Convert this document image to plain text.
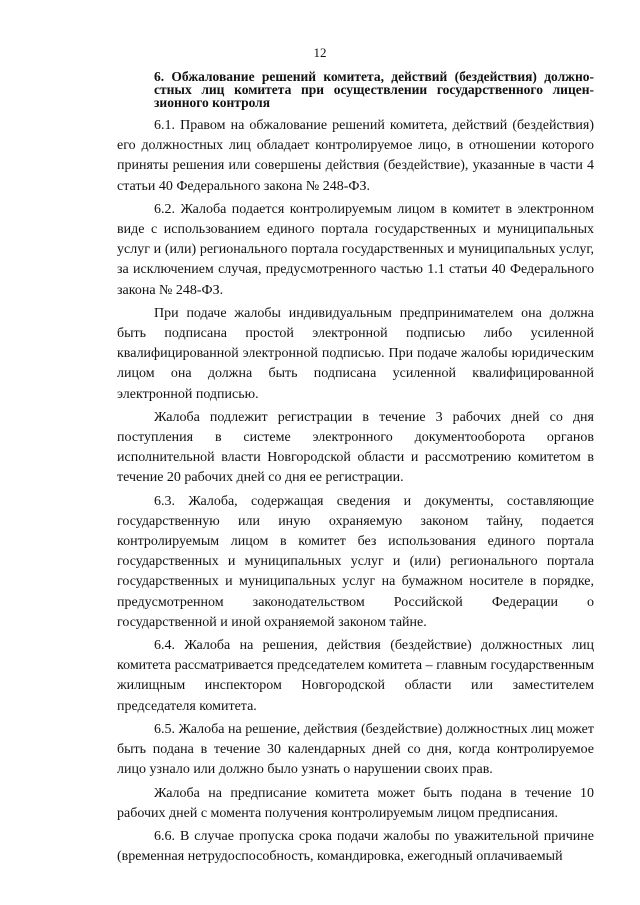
12
6. Обжалование решений комитета, действий (бездействия) должностных лиц комитета при осуществлении государственного лицензионного контроля

6.1. Правом на обжалование решений комитета, действий (бездействия) его должностных лиц обладает контролируемое лицо, в отношении которого приняты решения или совершены действия (бездействие), указанные в части 4 статьи 40 Федерального закона № 248-ФЗ.

6.2. Жалоба подается контролируемым лицом в комитет в электронном виде с использованием единого портала государственных и муниципальных услуг и (или) регионального портала государственных и муниципальных услуг, за исключением случая, предусмотренного частью 1.1 статьи 40 Федерального закона № 248-ФЗ.

При подаче жалобы индивидуальным предпринимателем она должна быть подписана простой электронной подписью либо усиленной квалифицированной электронной подписью. При подаче жалобы юридическим лицом она должна быть подписана усиленной квалифицированной электронной подписью.

Жалоба подлежит регистрации в течение 3 рабочих дней со дня поступления в системе электронного документооборота органов исполнительной власти Новгородской области и рассмотрению комитетом в течение 20 рабочих дней со дня ее регистрации.

6.3. Жалоба, содержащая сведения и документы, составляющие государственную или иную охраняемую законом тайну, подается контролируемым лицом в комитет без использования единого портала государственных и муниципальных услуг и (или) регионального портала государственных и муниципальных услуг на бумажном носителе в порядке, предусмотренном законодательством Российской Федерации о государственной и иной охраняемой законом тайне.

6.4. Жалоба на решения, действия (бездействие) должностных лиц комитета рассматривается председателем комитета – главным государственным жилищным инспектором Новгородской области или заместителем председателя комитета.

6.5. Жалоба на решение, действия (бездействие) должностных лиц может быть подана в течение 30 календарных дней со дня, когда контролируемое лицо узнало или должно было узнать о нарушении своих прав.

Жалоба на предписание комитета может быть подана в течение 10 рабочих дней с момента получения контролируемым лицом предписания.

6.6. В случае пропуска срока подачи жалобы по уважительной причине (временная нетрудоспособность, командировка, ежегодный оплачиваемый
